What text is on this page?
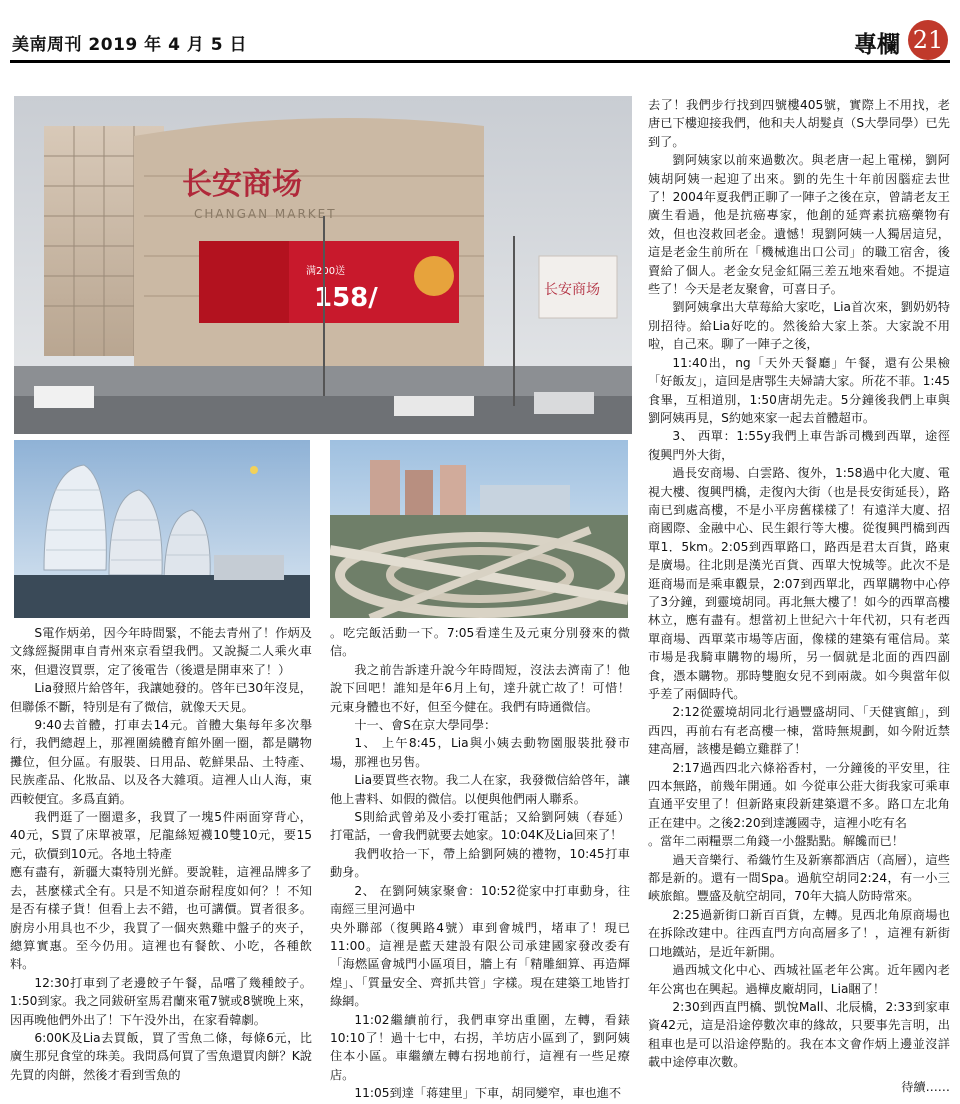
美南周刊 2019 年 4 月 5 日	專欄 21
长安商场
CHANGAN MARKET
满200送
158/	长安商场

S電作炳弟，因今年時間緊，不能去青州了！作炳及文緣經擬開車自青州來京看望我們。又說擬二人乘火車來，但還沒買票，定了後電告（後還是開車來了！）

Lia發照片給啓年，我讓她發的。啓年已30年沒見，但聯係不斷，特別是有了微信，就像天天見。

9:40去首體，打車去14元。首體大集每年多次舉行，我們總趕上，那裡圍繞體育館外圍一圈，都是購物攤位，但分區。有服裝、日用品、乾鮮果品、土特產、民族產品、化妝品、以及各大雜項。這裡人山人海，東西較便宜。多爲直銷。

我們逛了一圈還多，我買了一塊5件兩面穿背心，40元，S買了床單被罩，尼龍絲短襪10雙10元，要15元，砍價到10元。各地土特產

應有盡有，新疆大棗特別光鮮。要說鞋，這裡品牌多了去，甚麼樣式全有。只是不知道奈耐程度如何？！不知是否有樣子貨！但看上去不錯，也可講價。買者很多。廚房小用具也不少，我買了一個夾熟雞中盤子的夾子，總算實惠。至今仍用。這裡也有餐飲、小吃，各種飲料。

12:30打車到了老邊餃子午餐，品嚐了幾種餃子。1:50到家。我之同鈸研室馬君蘭來電7號或8號晚上來，因再晚他們外出了！下午没外出，在家看韓劇。

6:00K及Lia去買飯，買了雪魚二條，每條6元，比廣生那兒食堂的珠美。我問爲何買了雪魚還買肉餅？K說先買的肉餅，然後才看到雪魚的

。吃完飯活動一下。7:05看達生及元東分別發來的微信。

我之前告訴達升說今年時間短，沒法去濟南了！他說下回吧！誰知是年6月上旬，達升就亡故了！可惜！元東身體也不好，但至今健在。我們有時通微信。

十一、會S在京大學同學：

1、 上午8:45，Lia與小姨去動物園服裝批發市場，那裡也另售。

Lia要買些衣物。我二人在家，我發微信給啓年，讓他上書料、如假的微信。以便與他們兩人聯系。

S則給武曾弟及小委打電話；又給劉阿姨（春延）打電話，一會我們就要去她家。10:04K及Lia回來了！

我們收拾一下，帶上給劉阿姨的禮物，10:45打車動身。

2、 在劉阿姨家聚會：10:52從家中打車動身，往南經三里河過中

央外聯部（復興路4號）車到會城門，堵車了！現已11:00。這裡是藍天建設有限公司承建國家發改委有「海燃區會城門小區項目，牆上有「精雕細算、再造輝煌」、「質量安全、齊抓共管」字樣。現在建築工地皆打綠網。

11:02繼續前行，我們車穿出重圍，左轉，看錶10:10了！過十七中，右拐，羊坊店小區到了，劉阿姨住本小區。車繼續左轉右拐地前行，這裡有一些足療店。

11:05到達「蒋建里」下車，胡同變窄，車也進不

去了！我們步行找到四號樓405號，實際上不用找，老唐已下樓迎接我們，他和夫人胡髮貞（S大學同學）已先到了。

劉阿姨家以前來過數次。與老唐一起上電梯，劉阿姨胡阿姨一起迎了出來。劉的先生十年前因腦症去世了！2004年夏我們正聊了一陣子之後在京，曾請老友王廣生看過，他是抗癌專家，他創的延齊素抗癌藥物有效，但也沒救回老金。遺憾！現劉阿姨一人獨居這兒，這是老金生前所在「機械進出口公司」的職工宿舍，後賣給了個人。老金女兒金紅隔三差五地來看她。不提這些了！今天是老友聚會，可喜日子。

劉阿姨拿出大草莓給大家吃，Lia首次來，劉奶奶特別招待。給Lia好吃的。然後給大家上茶。大家說不用啦，自己來。聊了一陣子之後，

11:40出，ng「天外天餐廳」午餐，還有公果檢「好飯友」，這回是唐鄂生夫婦請大家。所花不菲。1:45食畢，互相道別，1:50唐胡先走。5分鐘後我們上車與劉阿姨再見，S約她來家一起去首體超市。

3、 西單：1:55y我們上車告訴司機到西單，途徑復興門外大街，

過長安商場、白雲路、復外，1:58過中化大廈、電視大樓、復興門橋，走復內大街（也是長安街延長），路南已到處高樓，不是小平房舊樣樣了！有遠洋大廈、招商國際、金融中心、民生銀行等大樓。從復興門橋到西單1．5km。2:05到西單路口，路西是君太百貨，路東是廣場。往北則是漢光百貨、西單大悅城等。此次不是逛商場而是乘車觀景，2:07到西單北，西單購物中心停了3分鐘，到靈境胡同。再北無大樓了！如今的西單高樓林立，應有盡有。想當初上世紀六十年代初，只有老西單商場、西單菜市場等店面，像樣的建築有電信局。菜市場是我騎車購物的場所，另一個就是北面的西四副食，憑本購物。那時雙胞女兒不到兩歲。如今與當年似乎差了兩個時代。

2:12從靈境胡同北行過豐盛胡同、「天健賓館」，到西四，再前右有老高樓一棟，當時無規劃，如今附近禁建高層，該樓是鶴立雞群了！

2:17過西四北六條裕香村，一分鐘後的平安里，往四本無路，前幾年開通。如 今從車公莊大街我家可乘車直通平安里了！但新路東段新建築還不多。路口左北角正在建中。之後2:20到達護國寺，這裡小吃有名

。當年二兩糧票二角錢一小盤點點。解饞而已！

過天音樂行、希織竹生及新寨都酒店（高層），這些都是新的。還有一間Spa。過航空胡同2:24，有一小三峽旅館。豐盛及航空胡同，70年大搞人防時常來。

2:25過新街口新百百貨，左轉。見西北角原商場也在拆除改建中。往西直門方向高層多了！，這裡有新街口地鐵站，是近年新開。

過西城文化中心、西城社區老年公寓。近年國內老年公寓也在興起。過樺皮廠胡同，Lia睏了！

2:30到西直門橋、凱悅Mall、北辰橋，2:33到家車資42元，這是沿途停數次車的緣故，只要事先言明，出租車也是可以沿途停點的。我在本文會作炳上邊並沒詳載中途停車次數。

待續……
